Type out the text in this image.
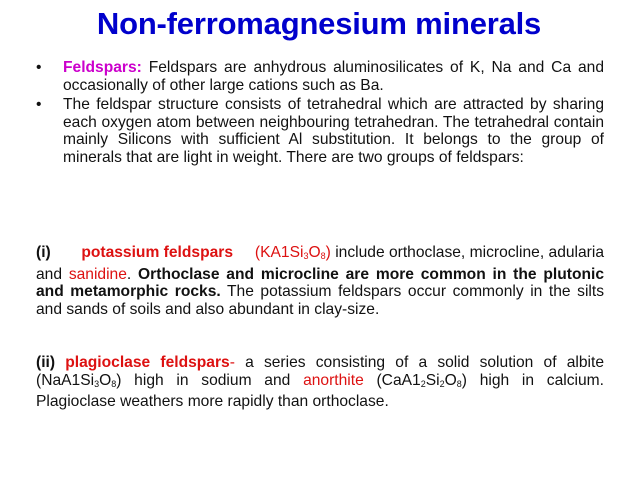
Non-ferromagnesium minerals
• Feldspars: Feldspars are anhydrous aluminosilicates of K, Na and Ca and occasionally of other large cations such as Ba.
• The feldspar structure consists of tetrahedral which are attracted by sharing each oxygen atom between neighbouring tetrahedran. The tetrahedral contain mainly Silicons with sufficient Al substitution. It belongs to the group of minerals that are light in weight. There are two groups of feldspars:

(i) potassium feldspars $(KA1Si_3O_8)$ include orthoclase, microcline, adularia and sanidine. Orthoclase and microcline are more common in the plutonic and metamorphic rocks. The potassium feldspars occur commonly in the silts and sands of soils and also abundant in clay-size.

(ii) plagioclase feldspars- a series consisting of a solid solution of albite $(NaA1Si_3O_8)$ high in sodium and anorthite $(CaA1_2Si_2O_8)$ high in calcium. Plagioclase weathers more rapidly than orthoclase.
